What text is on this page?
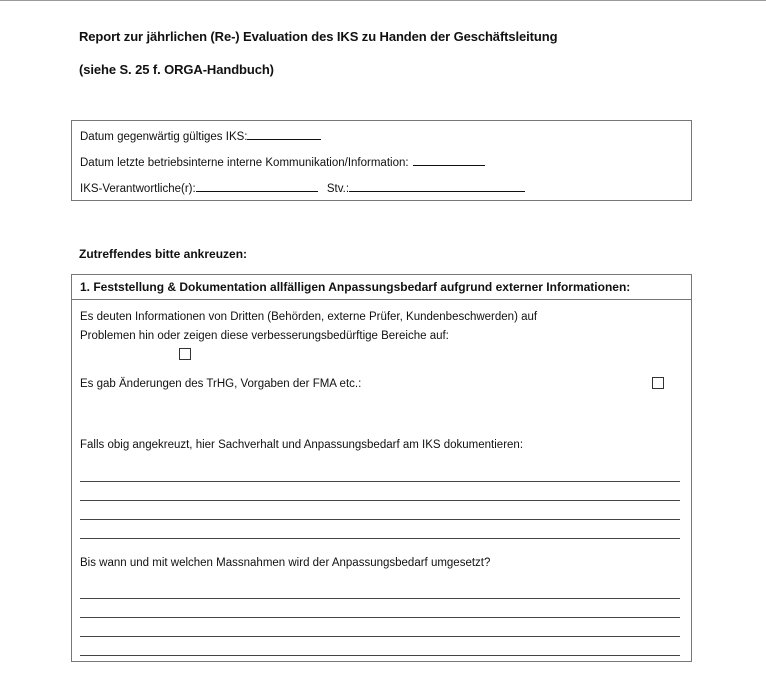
Report zur jährlichen (Re-) Evaluation des IKS zu Handen der Geschäftsleitung
(siehe S. 25 f. ORGA-Handbuch)
Datum gegenwärtig gültiges IKS:
Datum letzte betriebsinterne interne Kommunikation/Information:
IKS-Verantwortliche(r):	Stv.:
Zutreffendes bitte ankreuzen:
1. Feststellung & Dokumentation allfälligen Anpassungsbedarf aufgrund externer Informationen:
Es deuten Informationen von Dritten (Behörden, externe Prüfer, Kundenbeschwerden) auf
Problemen hin oder zeigen diese verbesserungsbedürftige Bereiche auf:
Es gab Änderungen des TrHG, Vorgaben der FMA etc.:
Falls obig angekreuzt, hier Sachverhalt und Anpassungsbedarf am IKS dokumentieren:
Bis wann und mit welchen Massnahmen wird der Anpassungsbedarf umgesetzt?
